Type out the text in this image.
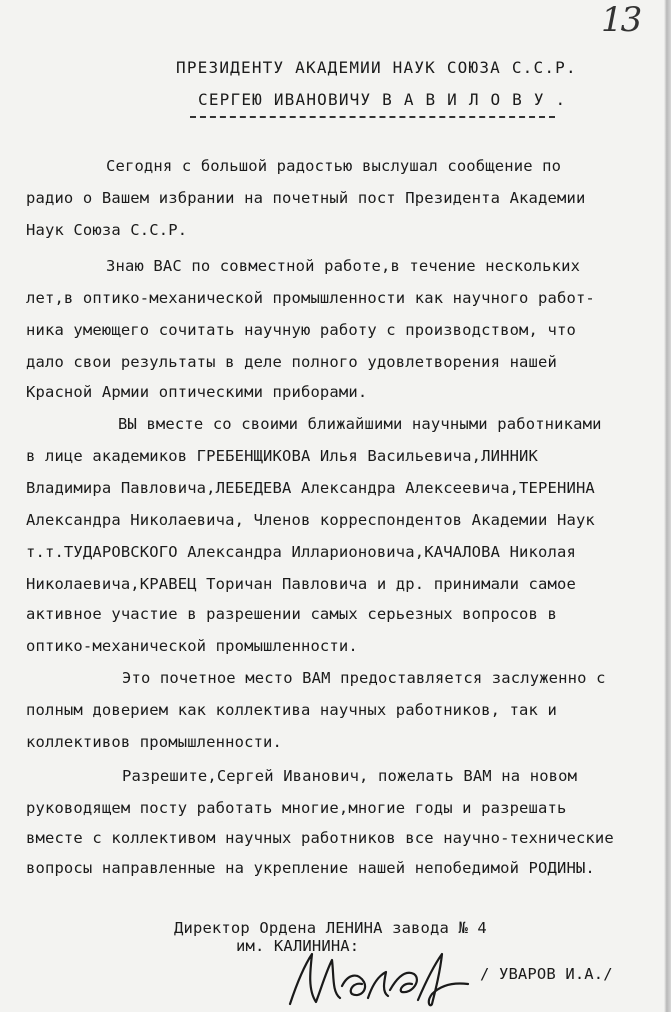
13
ПРЕЗИДЕНТУ АКАДЕМИИ НАУК СОЮЗА С.С.Р.
СЕРГЕЮ ИВАНОВИЧУ В А В И Л О В У .
Сегодня с большой радостью выслушал сообщение по
радио о Вашем избрании на почетный пост Президента Академии
Наук Союза С.С.Р.
Знаю ВАС по совместной работе,в течение нескольких
лет,в оптико-механической промышленности как научного работ-
ника умеющего сочитать научную работу с производством, что
дало свои результаты в деле полного удовлетворения нашей
Красной Армии оптическими приборами.
ВЫ вместе со своими ближайшими научными работниками
в лице академиков ГРЕБЕНЩИКОВА Илья Васильевича,ЛИННИК
Владимира Павловича,ЛЕБЕДЕВА Александра Алексеевича,ТЕРЕНИНА
Александра Николаевича, Членов корреспондентов Академии Наук
т.т.ТУДАРОВСКОГО Александра Илларионовича,КАЧАЛОВА Николая
Николаевича,КРАВЕЦ Торичан Павловича и др. принимали самое
активное участие в разрешении самых серьезных вопросов в
оптико-механической промышленности.
Это почетное место ВАМ предоставляется заслуженно с
полным доверием как коллектива научных работников, так и
коллективов промышленности.
Разрешите,Сергей Иванович, пожелать ВАМ на новом
руководящем посту работать многие,многие годы и разрешать
вместе с коллективом научных работников все научно-технические
вопросы направленные на укрепление нашей непобедимой РОДИНЫ.
Директор Ордена ЛЕНИНА завода № 4
им. КАЛИНИНА:
/ УВАРОВ И.А./
